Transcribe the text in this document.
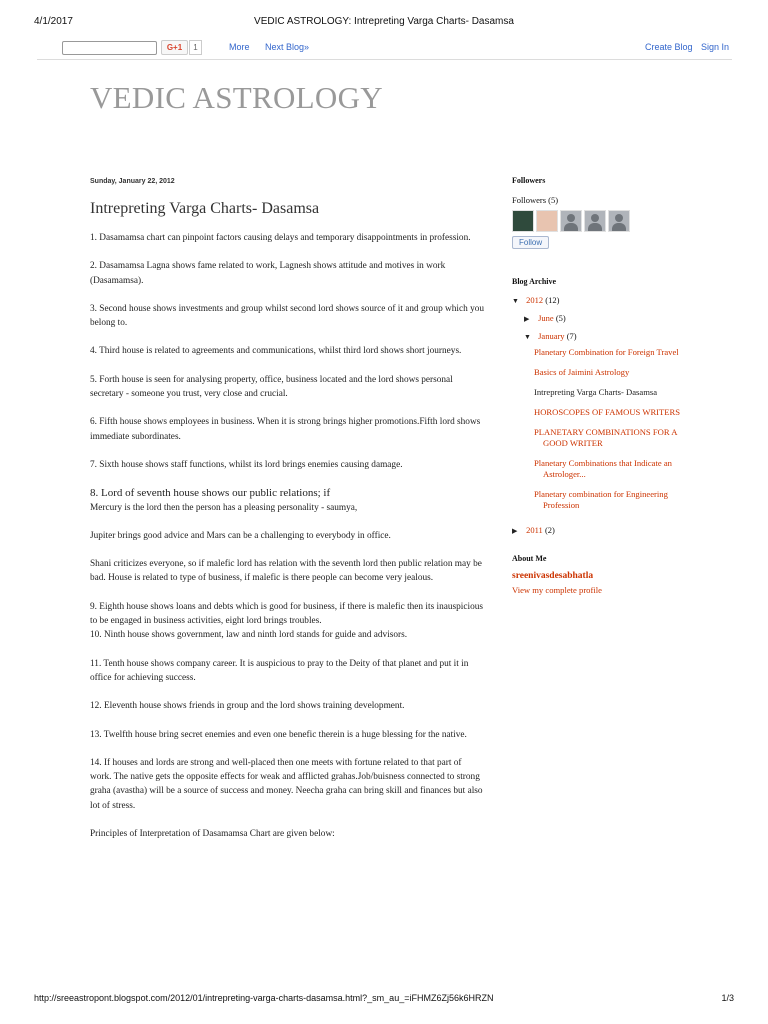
4/1/2017	VEDIC ASTROLOGY: Intrepreting Varga Charts- Dasamsa
G+1	1	More Next Blog»	Create Blog Sign In
VEDIC ASTROLOGY
Sunday, January 22, 2012
Intrepreting Varga Charts- Dasamsa

1. Dasamamsa chart can pinpoint factors causing delays and temporary disappointments in profession.

2. Dasamamsa Lagna shows fame related to work, Lagnesh shows attitude and motives in work (Dasamamsa).

3. Second house shows investments and group whilst second lord shows source of it and group which you belong to.

4. Third house is related to agreements and communications, whilst third lord shows short journeys.

5. Forth house is seen for analysing property, office, business located and the lord shows personal secretary - someone you trust, very close and crucial.

6. Fifth house shows employees in business. When it is strong brings higher promotions.Fifth lord shows immediate subordinates.

7. Sixth house shows staff functions, whilst its lord brings enemies causing damage.

8. Lord of seventh house shows our public relations; if
Mercury is the lord then the person has a pleasing personality - saumya,

Jupiter brings good advice and Mars can be a challenging to everybody in office.

Shani criticizes everyone, so if malefic lord has relation with the seventh lord then public relation may be bad. House is related to type of business, if malefic is there people can become very jealous.

9. Eighth house shows loans and debts which is good for business, if there is malefic then its inauspicious to be engaged in business activities, eight lord brings troubles.
10. Ninth house shows government, law and ninth lord stands for guide and advisors.

11. Tenth house shows company career. It is auspicious to pray to the Deity of that planet and put it in office for achieving success.

12. Eleventh house shows friends in group and the lord shows training development.

13. Twelfth house bring secret enemies and even one benefic therein is a huge blessing for the native.

14. If houses and lords are strong and well-placed then one meets with fortune related to that part of work. The native gets the opposite effects for weak and afflicted grahas.Job/buisness connected to strong graha (avastha) will be a source of success and money. Neecha graha can bring skill and finances but also lot of stress.

Principles of Interpretation of Dasamamsa Chart are given below:

Followers
Followers (5)
Follow
Blog Archive
▼ 2012 (12)
▶ June (5)
▼ January (7)
Planetary Combination for Foreign Travel
Basics of Jaimini Astrology
Intrepreting Varga Charts- Dasamsa
HOROSCOPES OF FAMOUS WRITERS
PLANETARY COMBINATIONS FOR A GOOD WRITER
Planetary Combinations that Indicate an Astrologer...
Planetary combination for Engineering Profession
▶ 2011 (2)
About Me
sreenivasdesabhatla
View my complete profile
http://sreeastropont.blogspot.com/2012/01/intrepreting-varga-charts-dasamsa.html?_sm_au_=iFHMZ6Zj56k6HRZN	1/3
